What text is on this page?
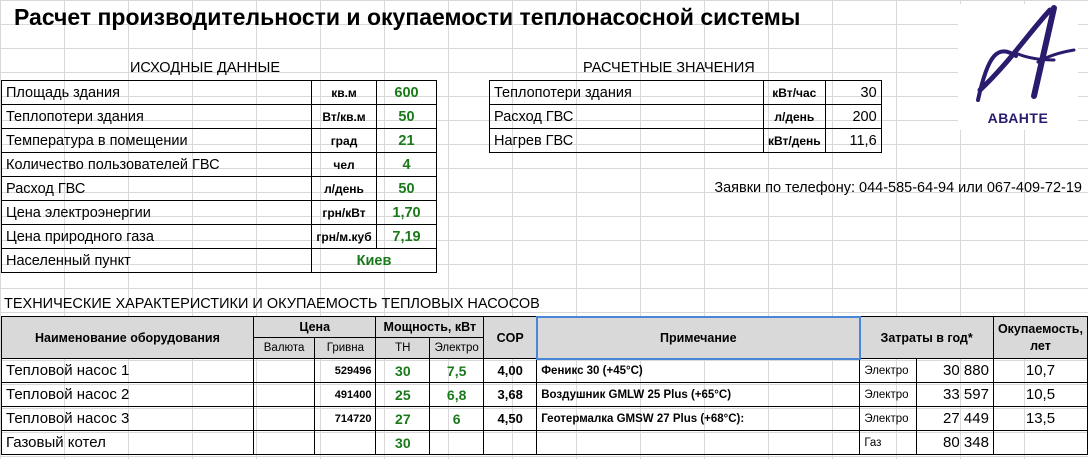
Расчет производительности и окупаемости теплонасосной системы
АВАНТЕ
ИСХОДНЫЕ ДАННЫЕ
Площадь здания	кв.м	600
Теплопотери здания	Вт/кв.м	50
Температура в помещении	град	21
Количество пользователей ГВС	чел	4
Расход ГВС	л/день	50
Цена электроэнергии	грн/кВт	1,70
Цена природного газа	грн/м.куб	7,19
Населенный пункт	Киев	
РАСЧЕТНЫЕ ЗНАЧЕНИЯ
Теплопотери здания	кВт/час	30
Расход ГВС	л/день	200
Нагрев ГВС	кВт/день	11,6
Заявки по телефону: 044-585-64-94 или 067-409-72-19
ТЕХНИЧЕСКИЕ ХАРАКТЕРИСТИКИ И ОКУПАЕМОСТЬ ТЕПЛОВЫХ НАСОСОВ
Наименование оборудования	Цена		Мощность, кВт		COP	Примечание	Затраты в год*		Окупаемость, лет
	Валюта	Гривна	ТН	Электро					
Тепловой насос 1		529496	30	7,5	4,00	Феникс 30 (+45°С)	Электро	30 880	10,7
Тепловой насос 2		491400	25	6,8	3,68	Воздушник GMLW 25 Plus (+65°С)	Электро	33 597	10,5
Тепловой насос 3		714720	27	6	4,50	Геотермалка GMSW 27 Plus (+68°С):	Электро	27 449	13,5
Газовый котел			30				Газ	80 348	
